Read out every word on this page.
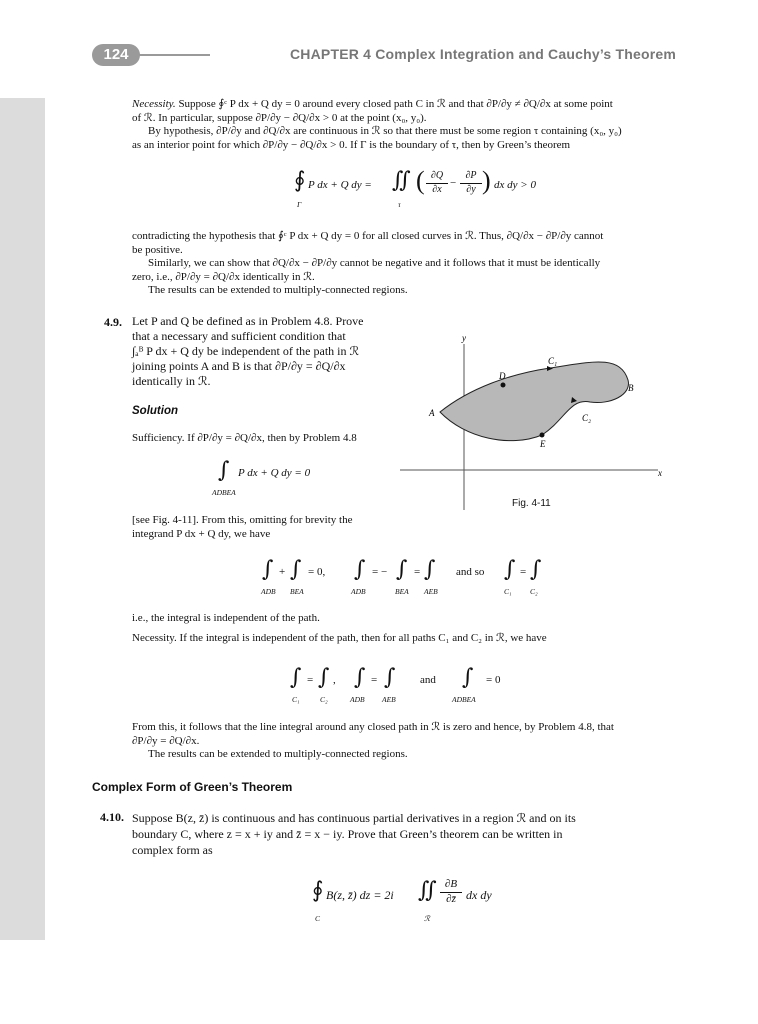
124	CHAPTER 4 Complex Integration and Cauchy’s Theorem
Necessity. Suppose ∮ᶜ P dx + Q dy = 0 around every closed path C in ℛ and that ∂P/∂y ≠ ∂Q/∂x at some point
of ℛ. In particular, suppose ∂P/∂y − ∂Q/∂x > 0 at the point (x₀, y₀).
By hypothesis, ∂P/∂y and ∂Q/∂x are continuous in ℛ so that there must be some region τ containing (x₀, y₀)
as an interior point for which ∂P/∂y − ∂Q/∂x > 0. If Γ is the boundary of τ, then by Green’s theorem
∮ P dx + Q dy = ∬ ( ∂Q
∂x
−
∂P
∂y ) dx dy > 0
Γ	τ
contradicting the hypothesis that ∮ᶜ P dx + Q dy = 0 for all closed curves in ℛ. Thus, ∂Q/∂x − ∂P/∂y cannot
be positive.
Similarly, we can show that ∂Q/∂x − ∂P/∂y cannot be negative and it follows that it must be identically
zero, i.e., ∂P/∂y = ∂Q/∂x identically in ℛ.
The results can be extended to multiply-connected regions.
4.9. Let P and Q be defined as in Problem 4.8. Prove
that a necessary and sufficient condition that
∫ₐᴮ P dx + Q dy be independent of the path in ℛ
joining points A and B is that ∂P/∂y = ∂Q/∂x
identically in ℛ.
Solution
Sufficiency. If ∂P/∂y = ∂Q/∂x, then by Problem 4.8
∫ P dx + Q dy = 0
ADBEA
[see Fig. 4-11]. From this, omitting for brevity the
integrand P dx + Q dy, we have
y
x
A
B
C₁
C₂
D
E
Fig. 4-11
∫ + ∫ = 0, ∫ = − ∫ = ∫ and so ∫ = ∫
ADB BEA	ADB	BEA AEB	C₁ C₂
i.e., the integral is independent of the path.
Necessity. If the integral is independent of the path, then for all paths C₁ and C₂ in ℛ, we have
∫ = ∫ , ∫ = ∫ and ∫ = 0
C₁	C₂	ADB AEB	ADBEA
From this, it follows that the line integral around any closed path in ℛ is zero and hence, by Problem 4.8, that
∂P/∂y = ∂Q/∂x.
The results can be extended to multiply-connected regions.
Complex Form of Green’s Theorem
4.10. Suppose B(z, z̄) is continuous and has continuous partial derivatives in a region ℛ and on its
boundary C, where z = x + iy and z̄ = x − iy. Prove that Green’s theorem can be written in
complex form as
∮ B(z, z̄) dz = 2i ∬ ∂B
∂z̄ dx dy
C	ℛ
